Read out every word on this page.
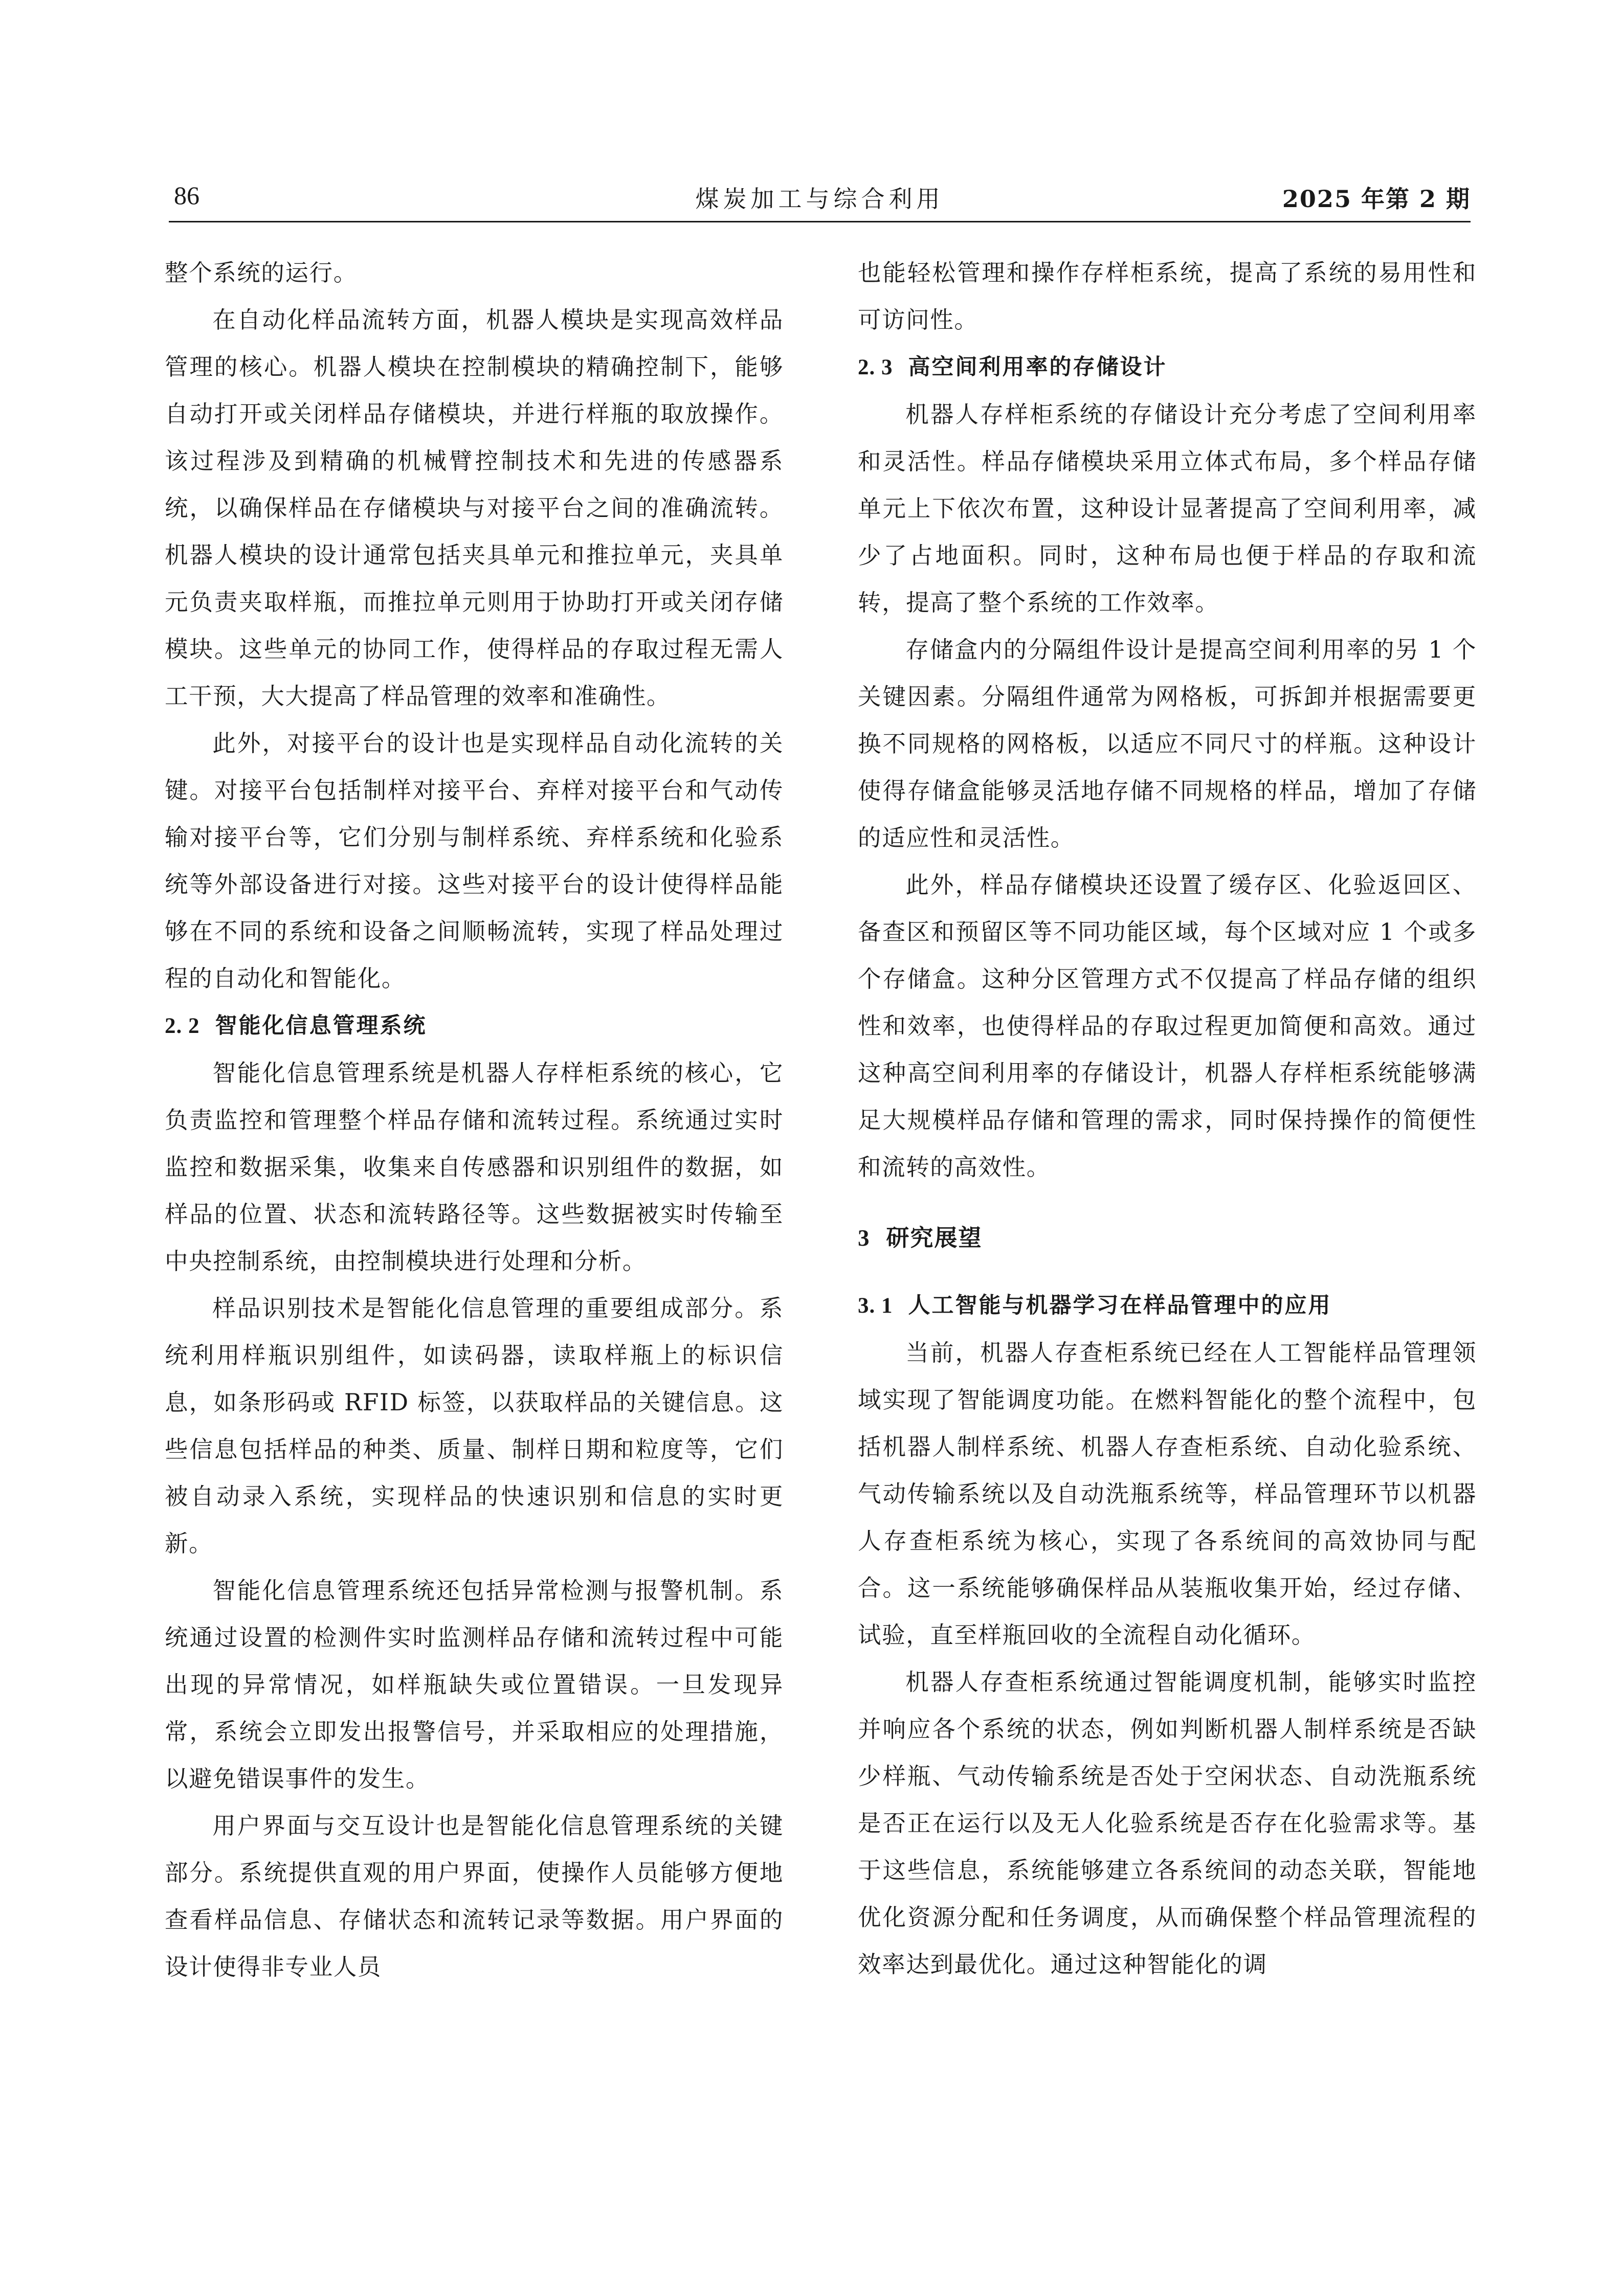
86	煤炭加工与综合利用	2025 年第 2 期

整个系统的运行。

在自动化样品流转方面，机器人模块是实现高效样品管理的核心。机器人模块在控制模块的精确控制下，能够自动打开或关闭样品存储模块，并进行样瓶的取放操作。该过程涉及到精确的机械臂控制技术和先进的传感器系统，以确保样品在存储模块与对接平台之间的准确流转。机器人模块的设计通常包括夹具单元和推拉单元，夹具单元负责夹取样瓶，而推拉单元则用于协助打开或关闭存储模块。这些单元的协同工作，使得样品的存取过程无需人工干预，大大提高了样品管理的效率和准确性。

此外，对接平台的设计也是实现样品自动化流转的关键。对接平台包括制样对接平台、弃样对接平台和气动传输对接平台等，它们分别与制样系统、弃样系统和化验系统等外部设备进行对接。这些对接平台的设计使得样品能够在不同的系统和设备之间顺畅流转，实现了样品处理过程的自动化和智能化。

2. 2 智能化信息管理系统

智能化信息管理系统是机器人存样柜系统的核心，它负责监控和管理整个样品存储和流转过程。系统通过实时监控和数据采集，收集来自传感器和识别组件的数据，如样品的位置、状态和流转路径等。这些数据被实时传输至中央控制系统，由控制模块进行处理和分析。

样品识别技术是智能化信息管理的重要组成部分。系统利用样瓶识别组件，如读码器，读取样瓶上的标识信息，如条形码或 RFID 标签，以获取样品的关键信息。这些信息包括样品的种类、质量、制样日期和粒度等，它们被自动录入系统，实现样品的快速识别和信息的实时更新。

智能化信息管理系统还包括异常检测与报警机制。系统通过设置的检测件实时监测样品存储和流转过程中可能出现的异常情况，如样瓶缺失或位置错误。一旦发现异常，系统会立即发出报警信号，并采取相应的处理措施，以避免错误事件的发生。

用户界面与交互设计也是智能化信息管理系统的关键部分。系统提供直观的用户界面，使操作人员能够方便地查看样品信息、存储状态和流转记录等数据。用户界面的设计使得非专业人员

也能轻松管理和操作存样柜系统，提高了系统的易用性和可访问性。

2. 3 高空间利用率的存储设计

机器人存样柜系统的存储设计充分考虑了空间利用率和灵活性。样品存储模块采用立体式布局，多个样品存储单元上下依次布置，这种设计显著提高了空间利用率，减少了占地面积。同时，这种布局也便于样品的存取和流转，提高了整个系统的工作效率。

存储盒内的分隔组件设计是提高空间利用率的另 1 个关键因素。分隔组件通常为网格板，可拆卸并根据需要更换不同规格的网格板，以适应不同尺寸的样瓶。这种设计使得存储盒能够灵活地存储不同规格的样品，增加了存储的适应性和灵活性。

此外，样品存储模块还设置了缓存区、化验返回区、备查区和预留区等不同功能区域，每个区域对应 1 个或多个存储盒。这种分区管理方式不仅提高了样品存储的组织性和效率，也使得样品的存取过程更加简便和高效。通过这种高空间利用率的存储设计，机器人存样柜系统能够满足大规模样品存储和管理的需求，同时保持操作的简便性和流转的高效性。

3 研究展望
3. 1 人工智能与机器学习在样品管理中的应用

当前，机器人存查柜系统已经在人工智能样品管理领域实现了智能调度功能。在燃料智能化的整个流程中，包括机器人制样系统、机器人存查柜系统、自动化验系统、气动传输系统以及自动洗瓶系统等，样品管理环节以机器人存查柜系统为核心，实现了各系统间的高效协同与配合。这一系统能够确保样品从装瓶收集开始，经过存储、试验，直至样瓶回收的全流程自动化循环。

机器人存查柜系统通过智能调度机制，能够实时监控并响应各个系统的状态，例如判断机器人制样系统是否缺少样瓶、气动传输系统是否处于空闲状态、自动洗瓶系统是否正在运行以及无人化验系统是否存在化验需求等。基于这些信息，系统能够建立各系统间的动态关联，智能地优化资源分配和任务调度，从而确保整个样品管理流程的效率达到最优化。通过这种智能化的调
